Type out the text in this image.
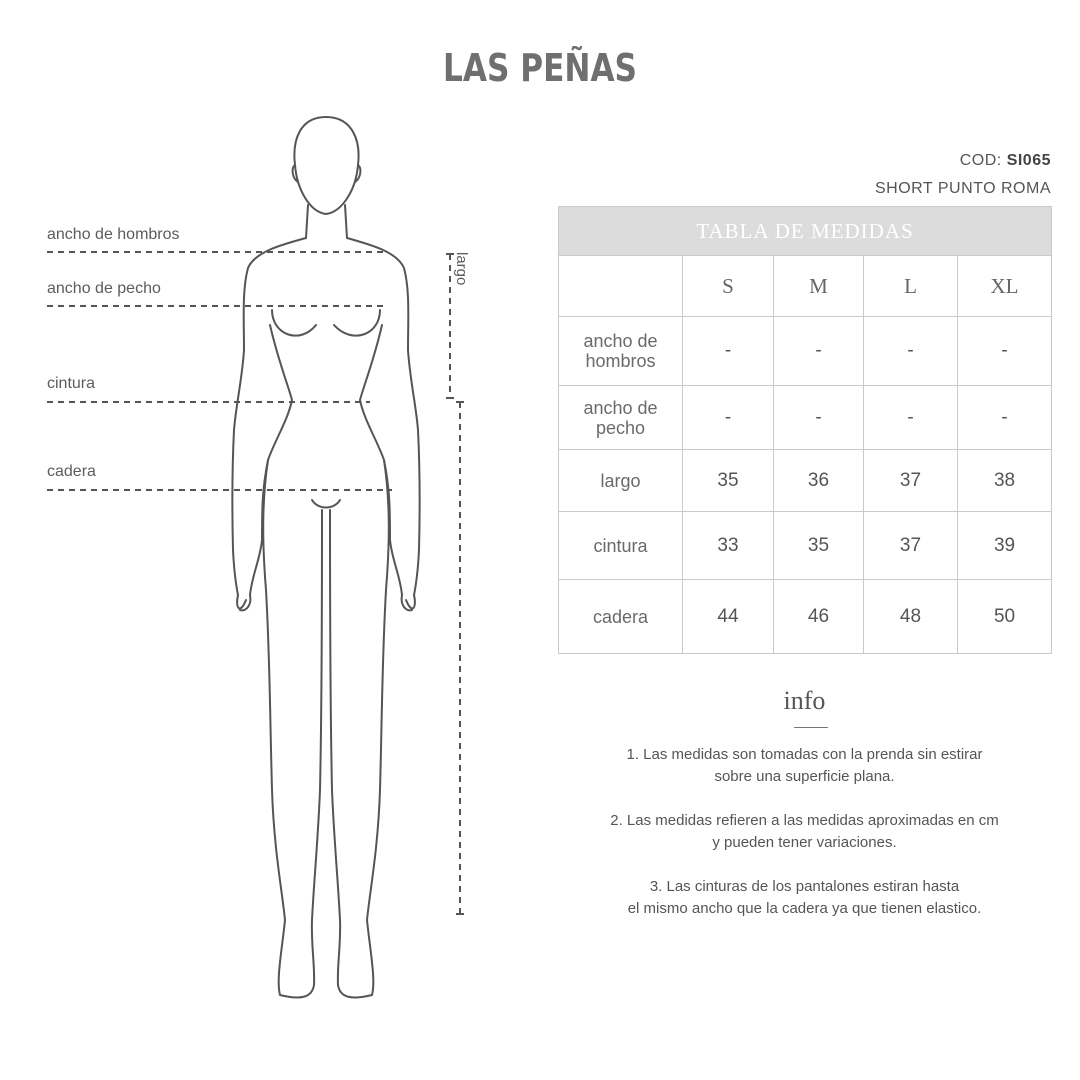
LAS PEÑAS
ancho de hombros
ancho de pecho
cintura
cadera
largo
COD: SI065
SHORT PUNTO ROMA
TABLA DE MEDIDAS				
	S	M	L	XL

ancho de
hombros	-	-	-	-

ancho de
pecho	-	-	-	-
largo	35	36	37	38
cintura	33	35	37	39
cadera	44	46	48	50
info
1. Las medidas son tomadas con la prenda sin estirar
sobre una superficie plana.
2. Las medidas refieren a las medidas aproximadas en cm
y pueden tener variaciones.
3. Las cinturas de los pantalones estiran hasta
el mismo ancho que la cadera ya que tienen elastico.
